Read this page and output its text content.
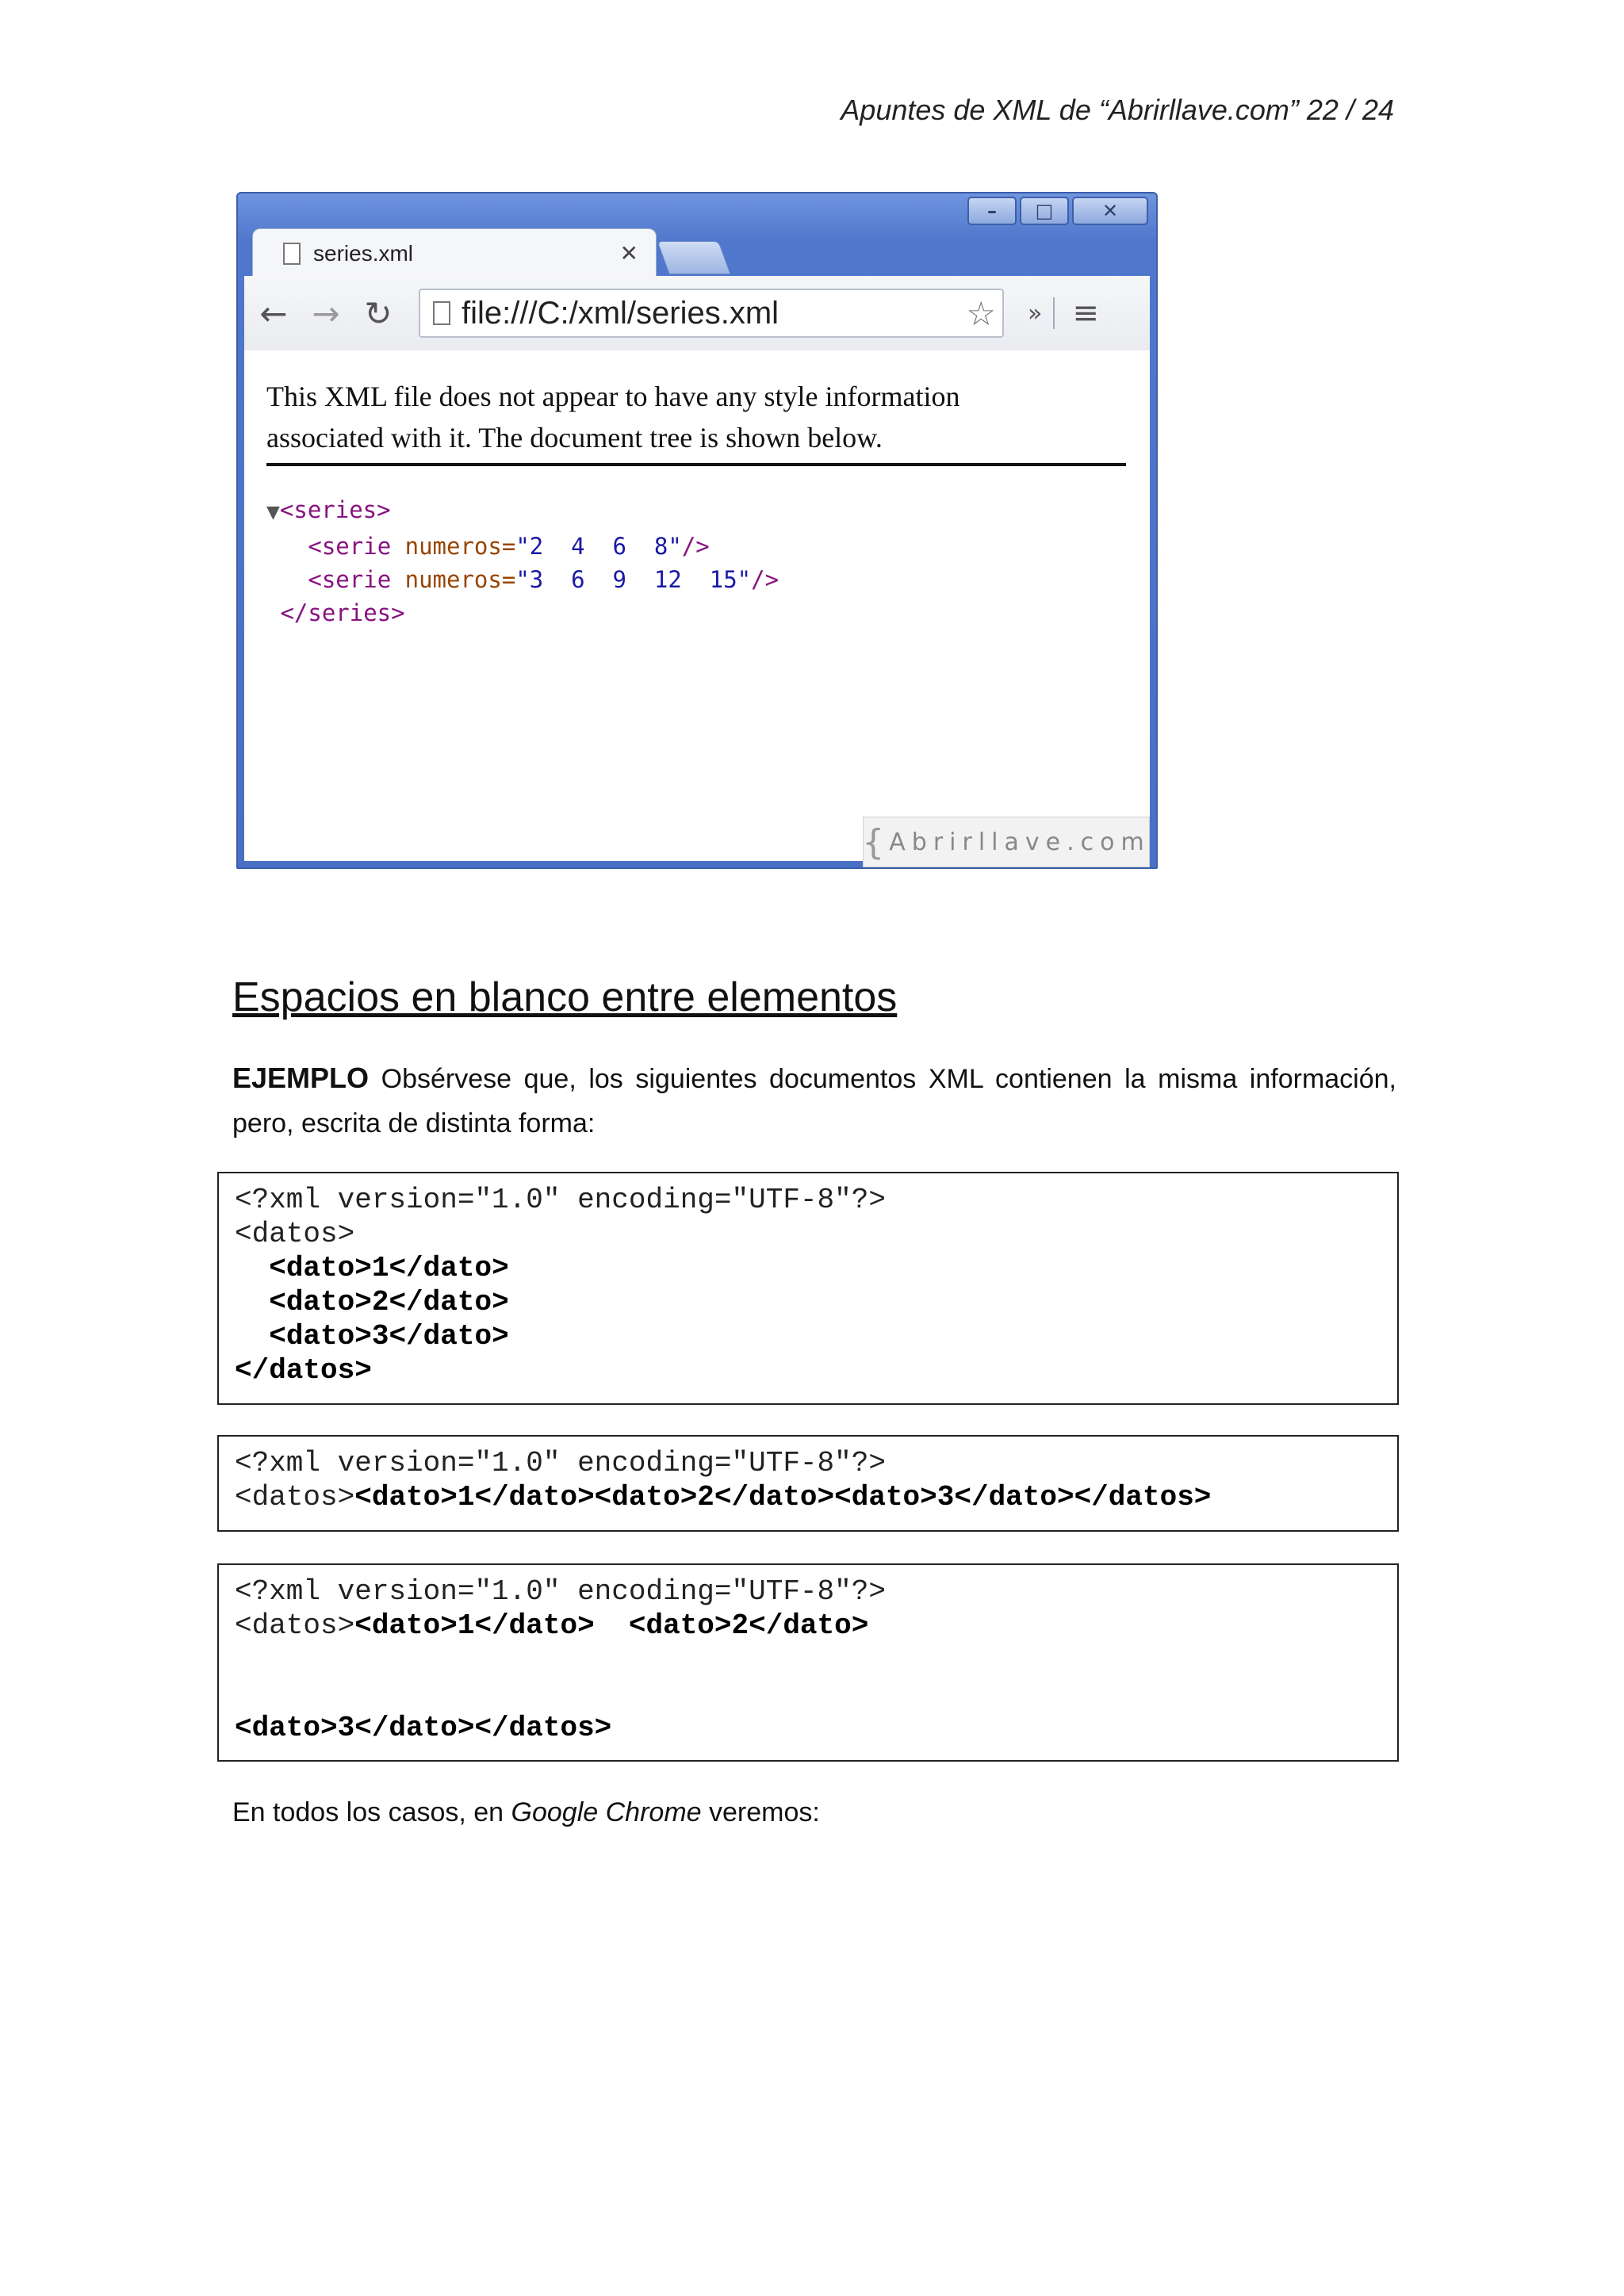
Apuntes de XML de “Abrirllave.com” 22 / 24
–	□	✕
series.xml	✕
← → ↻ file:///C:/xml/series.xml	☆ » ≡
This XML file does not appear to have any style information
associated with it. The document tree is shown below.
▼<series>
<serie numeros="2  4  6  8"/>
<serie numeros="3  6  9  12  15"/>
</series>
{ Abrirllave.com
Espacios en blanco entre elementos
EJEMPLO Obsérvese que, los siguientes documentos XML contienen la misma información, pero, escrita de distinta forma:
<?xml version="1.0" encoding="UTF-8"?>
<datos>
<dato>1</dato>
<dato>2</dato>
<dato>3</dato>
</datos>
<?xml version="1.0" encoding="UTF-8"?>
<datos><dato>1</dato><dato>2</dato><dato>3</dato></datos>
<?xml version="1.0" encoding="UTF-8"?>
<datos><dato>1</dato>  <dato>2</dato>

<dato>3</dato></datos>
En todos los casos, en Google Chrome veremos:
